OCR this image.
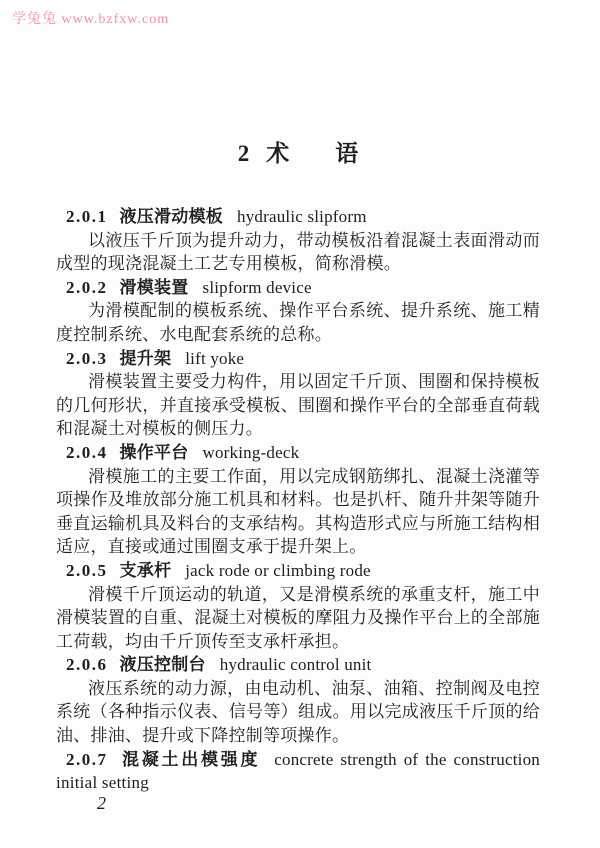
学兔兔 www.bzfxw.com
2 术　　语
2.0.1 液压滑动模板 hydraulic slipform
以液压千斤顶为提升动力，带动模板沿着混凝土表面滑动而
成型的现浇混凝土工艺专用模板，简称滑模。
2.0.2 滑模装置 slipform device
为滑模配制的模板系统、操作平台系统、提升系统、施工精
度控制系统、水电配套系统的总称。
2.0.3 提升架 lift yoke
滑模装置主要受力构件，用以固定千斤顶、围圈和保持模板
的几何形状，并直接承受模板、围圈和操作平台的全部垂直荷载
和混凝土对模板的侧压力。
2.0.4 操作平台 working-deck
滑模施工的主要工作面，用以完成钢筋绑扎、混凝土浇灌等
项操作及堆放部分施工机具和材料。也是扒杆、随升井架等随升
垂直运输机具及料台的支承结构。其构造形式应与所施工结构相
适应，直接或通过围圈支承于提升架上。
2.0.5 支承杆 jack rode or climbing rode
滑模千斤顶运动的轨道，又是滑模系统的承重支杆，施工中
滑模装置的自重、混凝土对模板的摩阻力及操作平台上的全部施
工荷载，均由千斤顶传至支承杆承担。
2.0.6 液压控制台 hydraulic control unit
液压系统的动力源，由电动机、油泵、油箱、控制阀及电控
系统（各种指示仪表、信号等）组成。用以完成液压千斤顶的给
油、排油、提升或下降控制等项操作。
2.0.7 混凝土出模强度 concrete strength of the construction
initial setting
2
